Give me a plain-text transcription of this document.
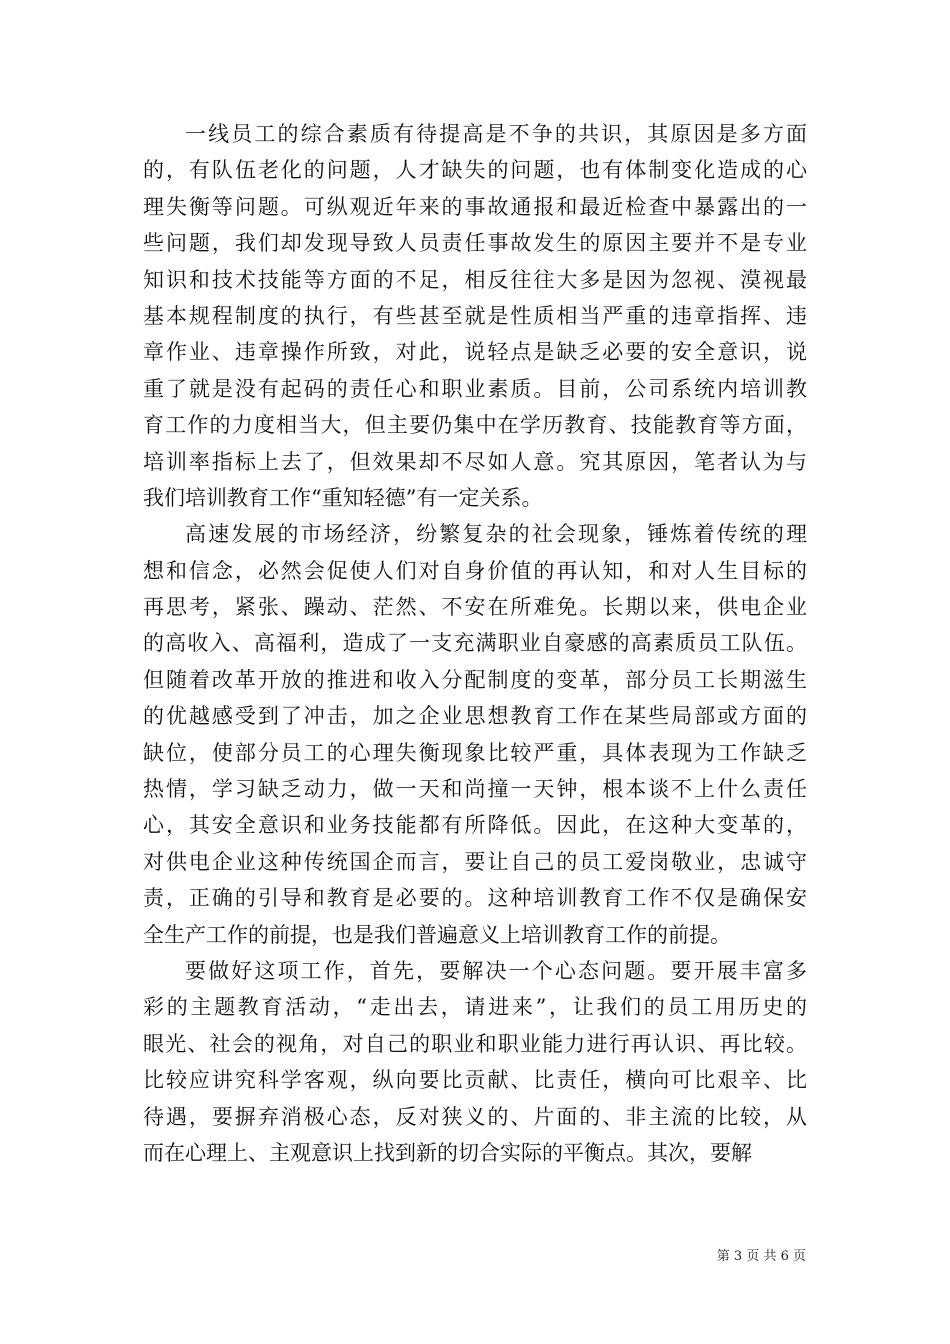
一线员工的综合素质有待提高是不争的共识，其原因是多方面
的，有队伍老化的问题，人才缺失的问题，也有体制变化造成的心
理失衡等问题。可纵观近年来的事故通报和最近检查中暴露出的一
些问题，我们却发现导致人员责任事故发生的原因主要并不是专业
知识和技术技能等方面的不足，相反往往大多是因为忽视、漠视最
基本规程制度的执行，有些甚至就是性质相当严重的违章指挥、违
章作业、违章操作所致，对此，说轻点是缺乏必要的安全意识，说
重了就是没有起码的责任心和职业素质。目前，公司系统内培训教
育工作的力度相当大，但主要仍集中在学历教育、技能教育等方面，
培训率指标上去了，但效果却不尽如人意。究其原因，笔者认为与
我们培训教育工作“重知轻德”有一定关系。
高速发展的市场经济，纷繁复杂的社会现象，锤炼着传统的理
想和信念，必然会促使人们对自身价值的再认知，和对人生目标的
再思考，紧张、躁动、茫然、不安在所难免。长期以来，供电企业
的高收入、高福利，造成了一支充满职业自豪感的高素质员工队伍。
但随着改革开放的推进和收入分配制度的变革，部分员工长期滋生
的优越感受到了冲击，加之企业思想教育工作在某些局部或方面的
缺位，使部分员工的心理失衡现象比较严重，具体表现为工作缺乏
热情，学习缺乏动力，做一天和尚撞一天钟，根本谈不上什么责任
心，其安全意识和业务技能都有所降低。因此，在这种大变革的，
对供电企业这种传统国企而言，要让自己的员工爱岗敬业，忠诚守
责，正确的引导和教育是必要的。这种培训教育工作不仅是确保安
全生产工作的前提，也是我们普遍意义上培训教育工作的前提。
要做好这项工作，首先，要解决一个心态问题。要开展丰富多
彩的主题教育活动，“走出去，请进来”，让我们的员工用历史的
眼光、社会的视角，对自己的职业和职业能力进行再认识、再比较。
比较应讲究科学客观，纵向要比贡献、比责任，横向可比艰辛、比
待遇，要摒弃消极心态，反对狭义的、片面的、非主流的比较，从
而在心理上、主观意识上找到新的切合实际的平衡点。其次，要解
第 3 页 共 6 页
